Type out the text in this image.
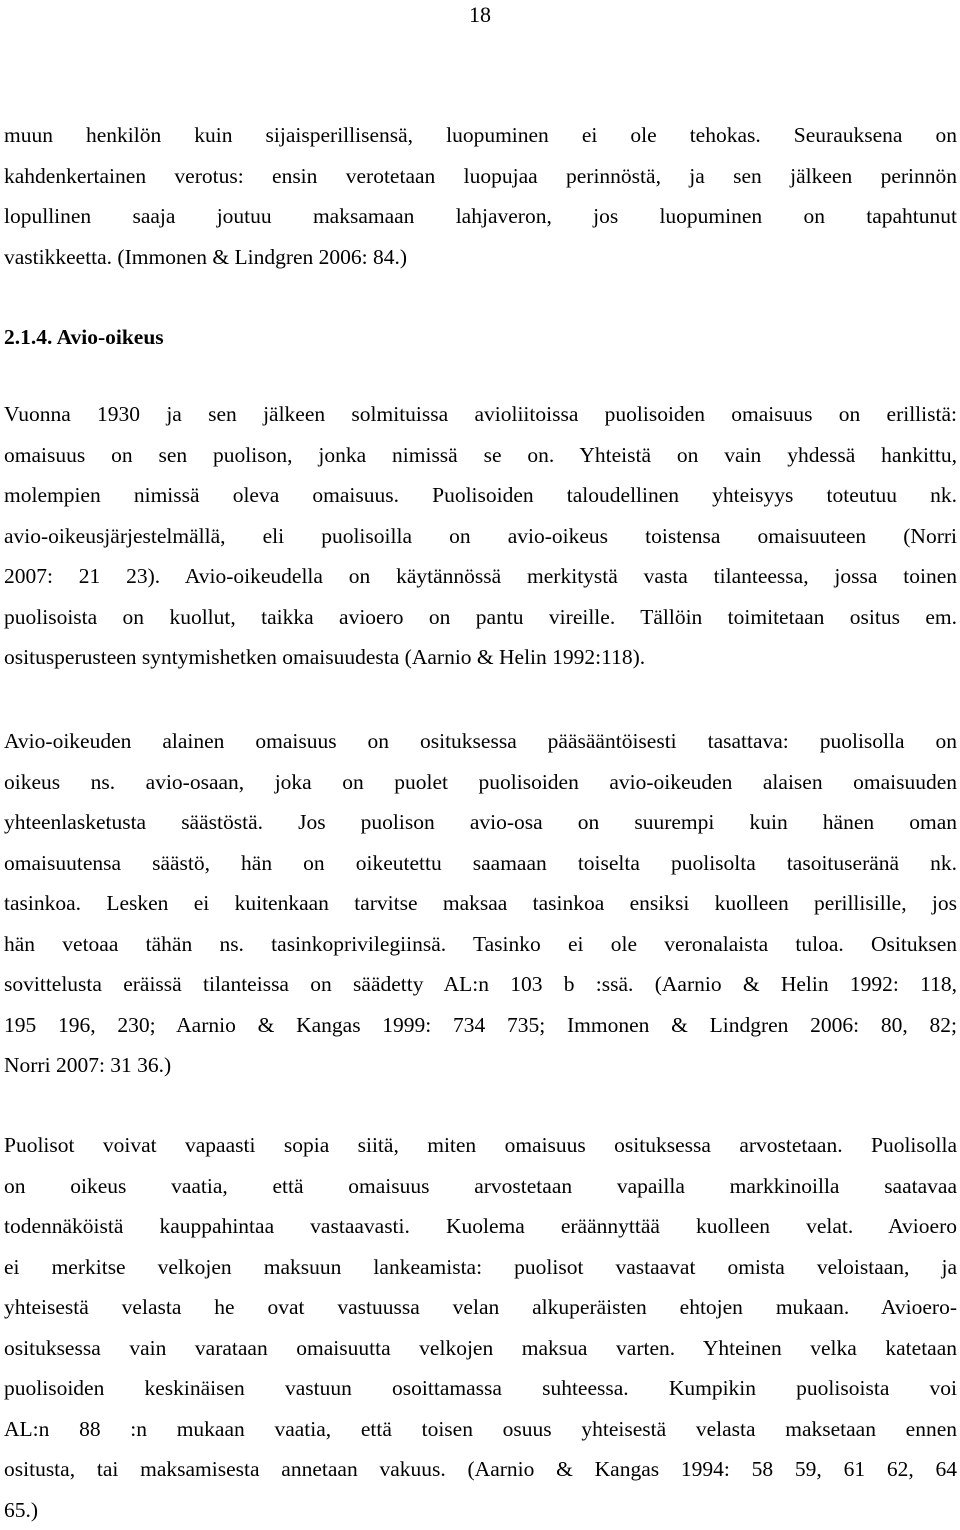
18
muun henkilön kuin sijaisperillisensä, luopuminen ei ole tehokas. Seurauksena on
kahdenkertainen verotus: ensin verotetaan luopujaa perinnöstä, ja sen jälkeen perinnön
lopullinen saaja joutuu maksamaan lahjaveron, jos luopuminen on tapahtunut
vastikkeetta. (Immonen & Lindgren 2006: 84.)
2.1.4. Avio-oikeus
Vuonna 1930 ja sen jälkeen solmituissa avioliitoissa puolisoiden omaisuus on erillistä:
omaisuus on sen puolison, jonka nimissä se on. Yhteistä on vain yhdessä hankittu,
molempien nimissä oleva omaisuus. Puolisoiden taloudellinen yhteisyys toteutuu nk.
avio-oikeusjärjestelmällä, eli puolisoilla on avio-oikeus toistensa omaisuuteen (Norri
2007: 21 23). Avio-oikeudella on käytännössä merkitystä vasta tilanteessa, jossa toinen
puolisoista on kuollut, taikka avioero on pantu vireille. Tällöin toimitetaan ositus em.
ositusperusteen syntymishetken omaisuudesta (Aarnio & Helin 1992:118).
Avio-oikeuden alainen omaisuus on osituksessa pääsääntöisesti tasattava: puolisolla on
oikeus ns. avio-osaan, joka on puolet puolisoiden avio-oikeuden alaisen omaisuuden
yhteenlasketusta säästöstä. Jos puolison avio-osa on suurempi kuin hänen oman
omaisuutensa säästö, hän on oikeutettu saamaan toiselta puolisolta tasoituseränä nk.
tasinkoa. Lesken ei kuitenkaan tarvitse maksaa tasinkoa ensiksi kuolleen perillisille, jos
hän vetoaa tähän ns. tasinkoprivilegiinsä. Tasinko ei ole veronalaista tuloa. Osituksen
sovittelusta eräissä tilanteissa on säädetty AL:n 103 b :ssä. (Aarnio & Helin 1992: 118,
195 196, 230; Aarnio & Kangas 1999: 734 735; Immonen & Lindgren 2006: 80, 82;
Norri 2007: 31 36.)
Puolisot voivat vapaasti sopia siitä, miten omaisuus osituksessa arvostetaan. Puolisolla
on oikeus vaatia, että omaisuus arvostetaan vapailla markkinoilla saatavaa
todennäköistä kauppahintaa vastaavasti. Kuolema eräännyttää kuolleen velat. Avioero
ei merkitse velkojen maksuun lankeamista: puolisot vastaavat omista veloistaan, ja
yhteisestä velasta he ovat vastuussa velan alkuperäisten ehtojen mukaan. Avioero-
osituksessa vain varataan omaisuutta velkojen maksua varten. Yhteinen velka katetaan
puolisoiden keskinäisen vastuun osoittamassa suhteessa. Kumpikin puolisoista voi
AL:n 88 :n mukaan vaatia, että toisen osuus yhteisestä velasta maksetaan ennen
ositusta, tai maksamisesta annetaan vakuus. (Aarnio & Kangas 1994: 58 59, 61 62, 64
65.)
